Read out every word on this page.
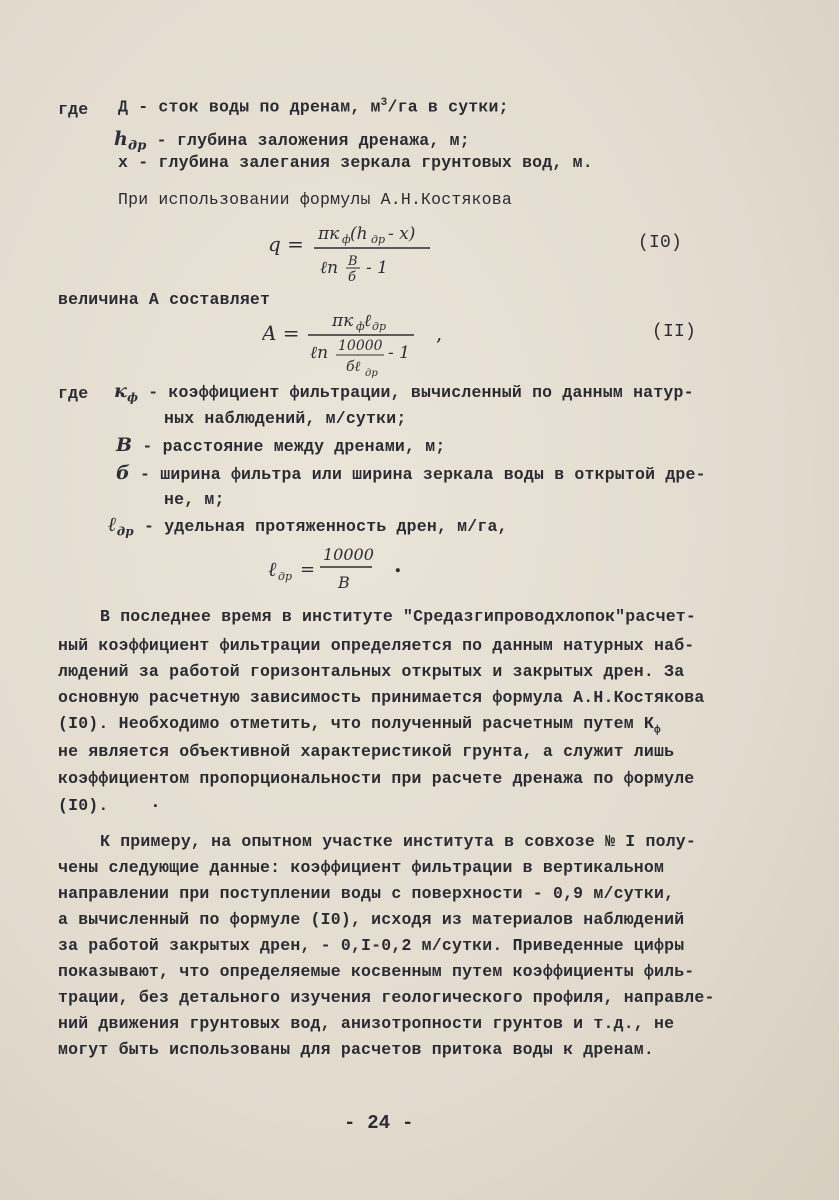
где Д - сток воды по дренам, $м^3/га$ в сутки;
$h_{др}$ - глубина заложения дренажа, м;
x - глубина залегания зеркала грунтовых вод, м.
При использовании формулы А.Н.Костякова
q = πк ф (h др - x)
ℓn B
б - 1
(I0)
величина А составляет
A = πк ф ℓ др
ℓn 10000
бℓ др
- 1
,	(II)
где $к_ф$ - коэффициент фильтрации, вычисленный по данным натур-
ных наблюдений, м/сутки;
B - расстояние между дренами, м;
б - ширина фильтра или ширина зеркала воды в открытой дре-
не, м;
ℓ$_{др}$ - удельная протяженность дрен, м/га,
ℓ др =
10000
B
.
В последнее время в институте "Средазгипроводхлопок"расчет-
ный коэффициент фильтрации определяется по данным натурных наб-
людений за работой горизонтальных открытых и закрытых дрен. За
основную расчетную зависимость принимается формула А.Н.Костякова
(I0). Необходимо отметить, что полученный расчетным путем $К_ф$
не является объективной характеристикой грунта, а служит лишь
коэффициентом пропорциональности при расчете дренажа по формуле
(I0). ·
К примеру, на опытном участке института в совхозе № I полу-
чены следующие данные: коэффициент фильтрации в вертикальном
направлении при поступлении воды с поверхности - 0,9 м/сутки,
а вычисленный по формуле (I0), исходя из материалов наблюдений
за работой закрытых дрен, - 0,I-0,2 м/сутки. Приведенные цифры
показывают, что определяемые косвенным путем коэффициенты филь-
трации, без детального изучения геологического профиля, направле-
ний движения грунтовых вод, анизотропности грунтов и т.д., не
могут быть использованы для расчетов притока воды к дренам.
- 24 -
